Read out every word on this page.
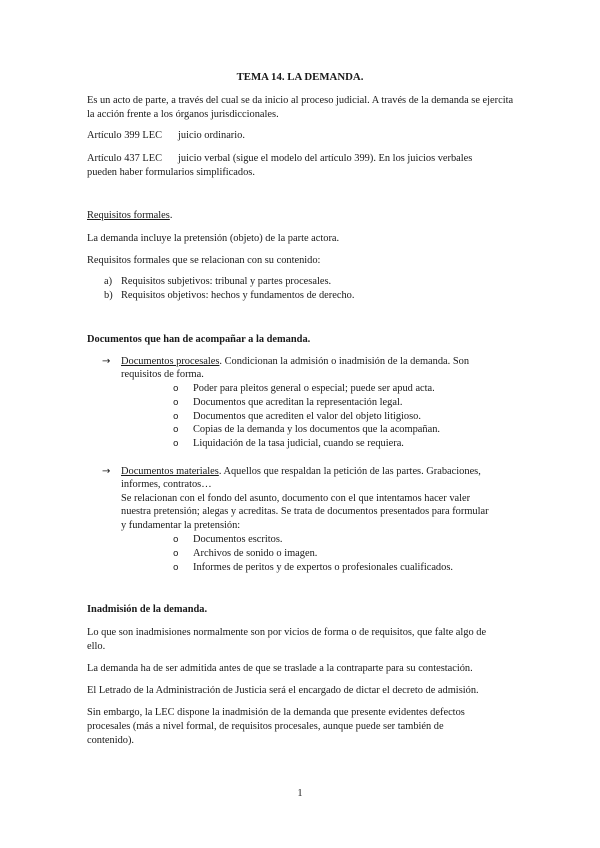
TEMA 14. LA DEMANDA.
Es un acto de parte, a través del cual se da inicio al proceso judicial. A través de la demanda se ejercita la acción frente a los órganos jurisdiccionales.
Artículo 399 LEC juicio ordinario.
Artículo 437 LEC juicio verbal (sigue el modelo del artículo 399). En los juicios verbales
pueden haber formularios simplificados.
Requisitos formales.
La demanda incluye la pretensión (objeto) de la parte actora.
Requisitos formales que se relacionan con su contenido:
a) Requisitos subjetivos: tribunal y partes procesales.
b) Requisitos objetivos: hechos y fundamentos de derecho.
Documentos que han de acompañar a la demanda.
→ Documentos procesales. Condicionan la admisión o inadmisión de la demanda. Son
requisitos de forma.
o Poder para pleitos general o especial; puede ser apud acta.
o Documentos que acreditan la representación legal.
o Documentos que acrediten el valor del objeto litigioso.
o Copias de la demanda y los documentos que la acompañan.
o Liquidación de la tasa judicial, cuando se requiera.
→ Documentos materiales. Aquellos que respaldan la petición de las partes. Grabaciones,
informes, contratos…
Se relacionan con el fondo del asunto, documento con el que intentamos hacer valer
nuestra pretensión; alegas y acreditas. Se trata de documentos presentados para formular
y fundamentar la pretensión:
o Documentos escritos.
o Archivos de sonido o imagen.
o Informes de peritos y de expertos o profesionales cualificados.
Inadmisión de la demanda.
Lo que son inadmisiones normalmente son por vicios de forma o de requisitos, que falte algo de
ello.
La demanda ha de ser admitida antes de que se traslade a la contraparte para su contestación.
El Letrado de la Administración de Justicia será el encargado de dictar el decreto de admisión.
Sin embargo, la LEC dispone la inadmisión de la demanda que presente evidentes defectos
procesales (más a nivel formal, de requisitos procesales, aunque puede ser también de
contenido).
1
